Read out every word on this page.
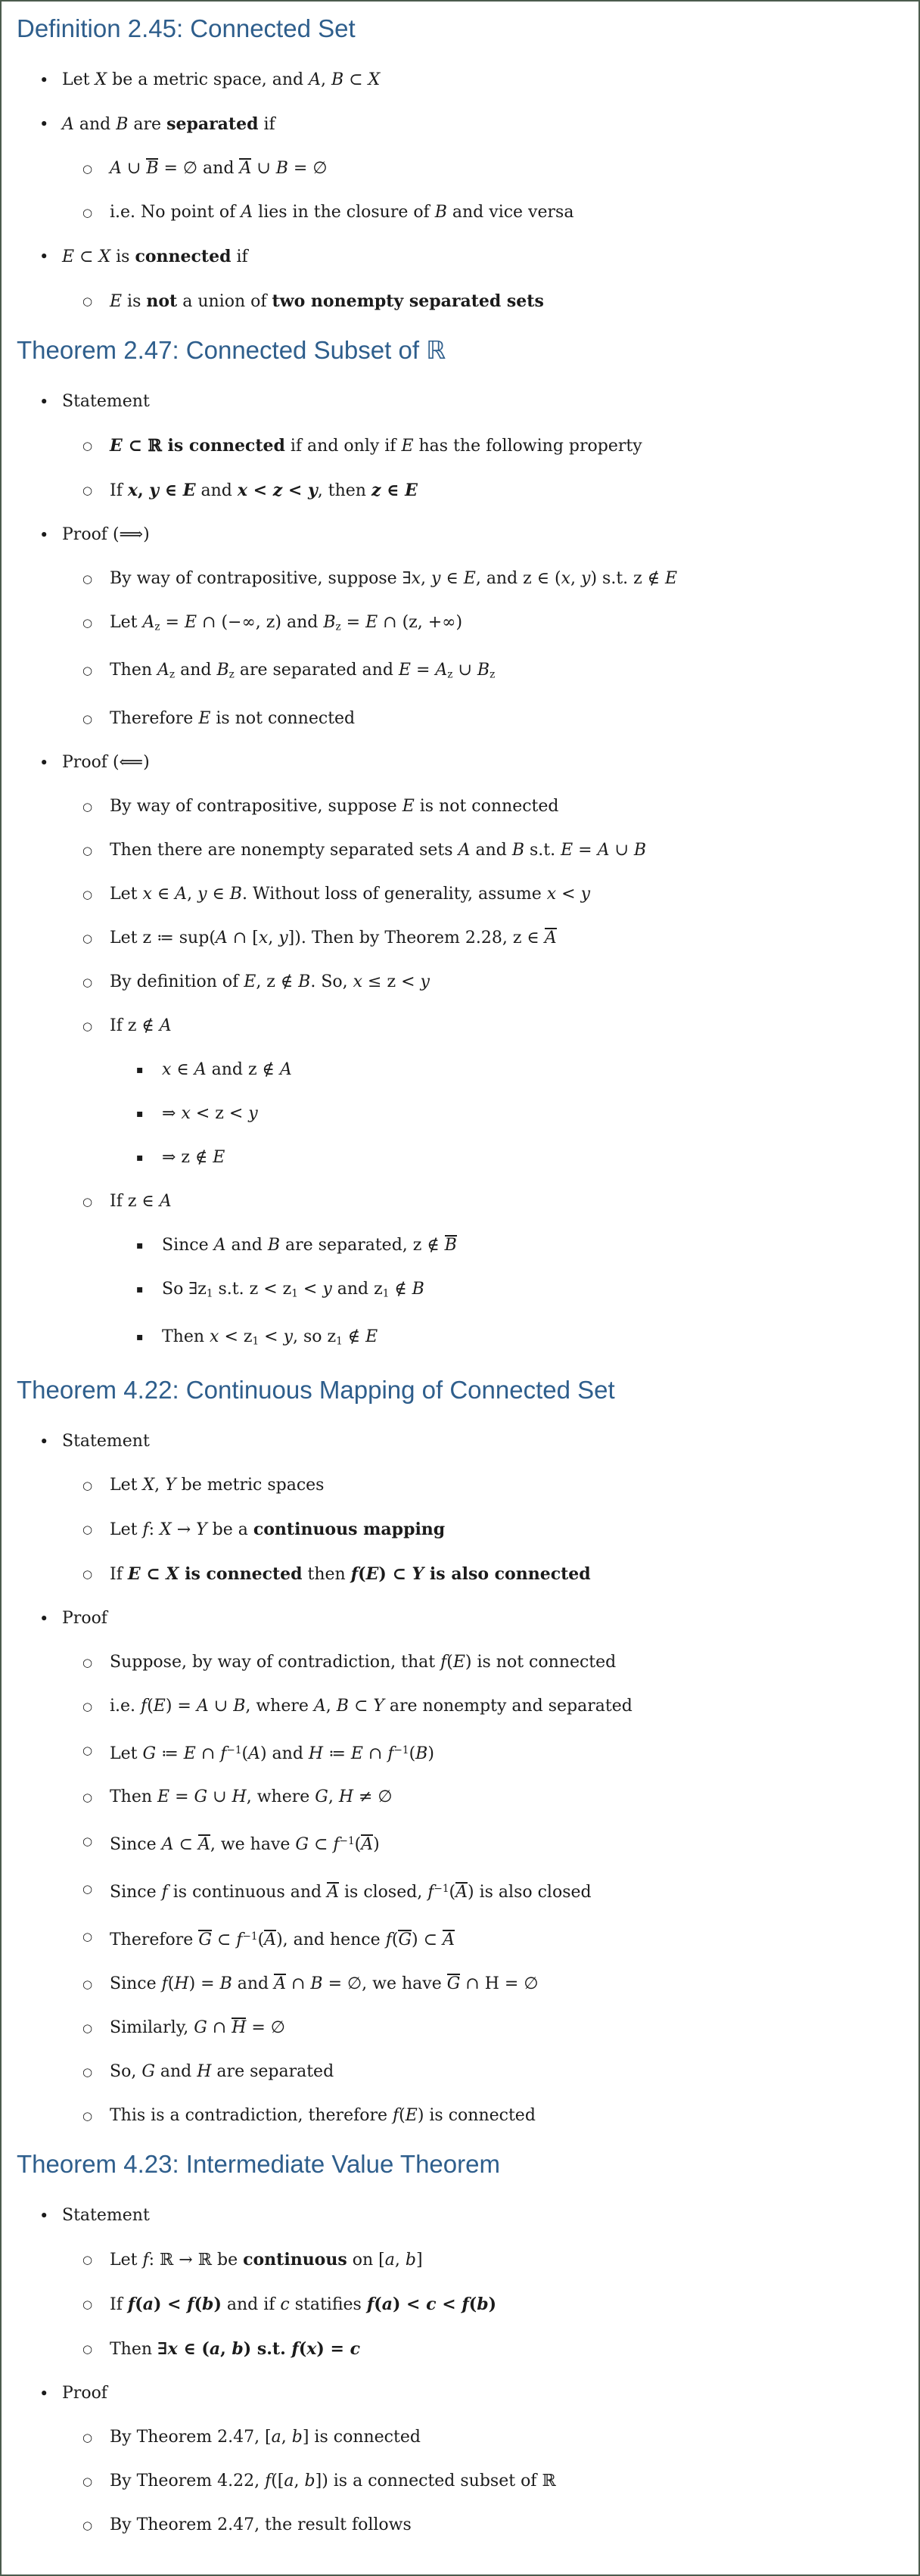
Definition 2.45: Connected Set
• Let X be a metric space, and A, B ⊂ X
• A and B are separated if
○	A ∪ B = ∅ and A ∪ B = ∅
○	i.e. No point of A lies in the closure of B and vice versa
• E ⊂ X is connected if
○	E is not a union of two nonempty separated sets
Theorem 2.47: Connected Subset of ℝ
• Statement
○	E ⊂ ℝ is connected if and only if E has the following property
○	If x, y ∈ E and x < z < y, then z ∈ E
• Proof (⟹)
○	By way of contrapositive, suppose ∃x, y ∈ E, and z ∈ (x, y) s.t. z ∉ E
○	Let Az = E ∩ (−∞, z) and Bz = E ∩ (z, +∞)
○	Then Az and Bz are separated and E = Az ∪ Bz
○	Therefore E is not connected
• Proof (⟸)
○	By way of contrapositive, suppose E is not connected
○	Then there are nonempty separated sets A and B s.t. E = A ∪ B
○	Let x ∈ A, y ∈ B. Without loss of generality, assume x < y
○	Let z ≔ sup(A ∩ [x, y]). Then by Theorem 2.28, z ∈ A
○	By definition of E, z ∉ B. So, x ≤ z < y
○	If z ∉ A
▪	x ∈ A and z ∉ A
▪	⇒ x < z < y
▪	⇒ z ∉ E
○	If z ∈ A
▪	Since A and B are separated, z ∉ B
▪	So ∃z1 s.t. z < z1 < y and z1 ∉ B
▪	Then x < z1 < y, so z1 ∉ E
Theorem 4.22: Continuous Mapping of Connected Set
• Statement
○	Let X, Y be metric spaces
○	Let f: X → Y be a continuous mapping
○	If E ⊂ X is connected then f(E) ⊂ Y is also connected
• Proof
○	Suppose, by way of contradiction, that f(E) is not connected
○	i.e. f(E) = A ∪ B, where A, B ⊂ Y are nonempty and separated
○	Let G ≔ E ∩ $f^{-1}(A)$ and H ≔ E ∩ $f^{-1}(B)$
○	Then E = G ∪ H, where G, H ≠ ∅
○	Since A ⊂ A, we have G ⊂ $f^{-1}(A)$
○	Since f is continuous and A is closed, $f^{-1}(A)$ is also closed
○	Therefore G ⊂ $f^{-1}(A)$, and hence f(G) ⊂ A
○	Since f(H) = B and A ∩ B = ∅, we have G ∩ H = ∅
○	Similarly, G ∩ H = ∅
○	So, G and H are separated
○	This is a contradiction, therefore f(E) is connected
Theorem 4.23: Intermediate Value Theorem
• Statement
○	Let f: ℝ → ℝ be continuous on [a, b]
○	If f(a) < f(b) and if c statifies f(a) < c < f(b)
○	Then ∃x ∈ (a, b) s.t. f(x) = c
• Proof
○	By Theorem 2.47, [a, b] is connected
○	By Theorem 4.22, f([a, b]) is a connected subset of ℝ
○	By Theorem 2.47, the result follows
